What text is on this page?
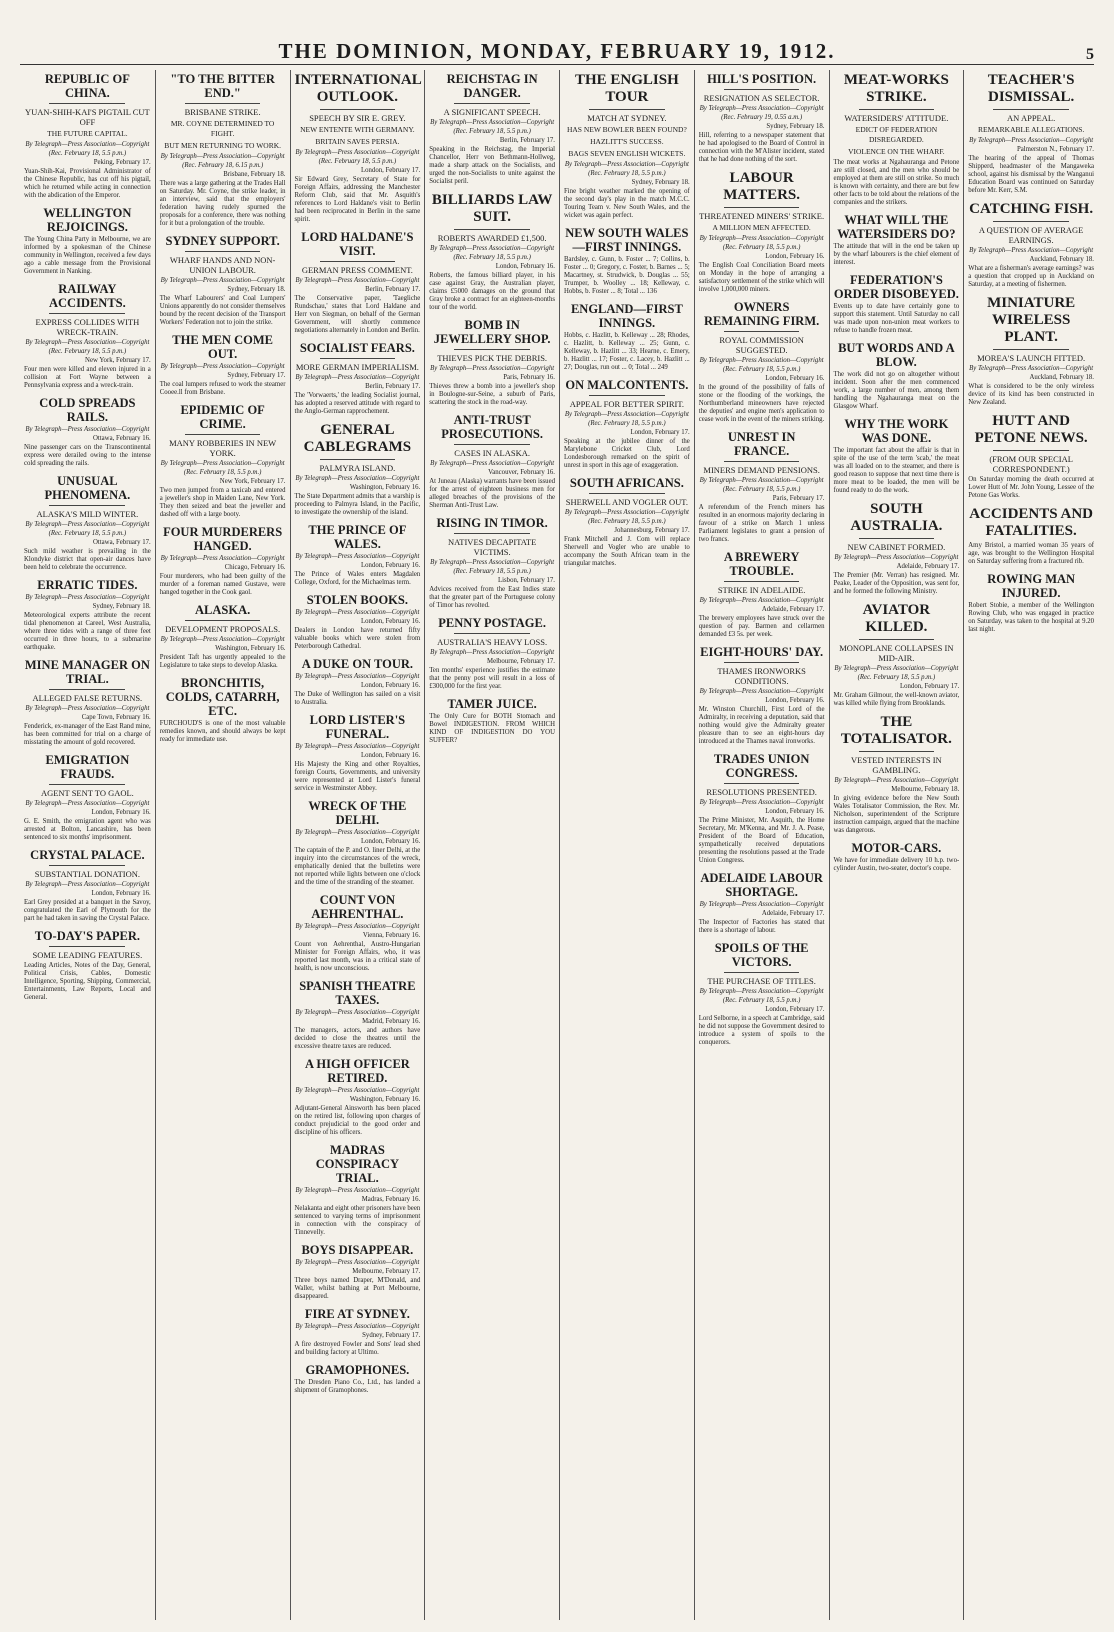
THE DOMINION, MONDAY, FEBRUARY 19, 1912.	5
REPUBLIC OF CHINA.
YUAN-SHIH-KAI'S PIGTAIL CUT OFF
THE FUTURE CAPITAL.
By Telegraph—Press Association—Copyright
(Rec. February 18, 5.5 p.m.)
Peking, February 17.
Yuan-Shih-Kai, Provisional Administrator of the Chinese Republic, has cut off his pigtail, which he returned while acting in connection with the abdication of the Emperor.
WELLINGTON REJOICINGS.
The Young China Party in Melbourne, we are informed by a spokesman of the Chinese community in Wellington, received a few days ago a cable message from the Provisional Government in Nanking.
RAILWAY ACCIDENTS.
EXPRESS COLLIDES WITH WRECK-TRAIN.
By Telegraph—Press Association—Copyright
(Rec. February 18, 5.5 p.m.)
New York, February 17.
Four men were killed and eleven injured in a collision at Fort Wayne between a Pennsylvania express and a wreck-train.
COLD SPREADS RAILS.
By Telegraph—Press Association—Copyright
Ottawa, February 16.
Nine passenger cars on the Transcontinental express were derailed owing to the intense cold spreading the rails.
UNUSUAL PHENOMENA.
ALASKA'S MILD WINTER.
By Telegraph—Press Association—Copyright
(Rec. February 18, 5.5 p.m.)
Ottawa, February 17.
Such mild weather is prevailing in the Klondyke district that open-air dances have been held to celebrate the occurrence.
ERRATIC TIDES.
By Telegraph—Press Association—Copyright
Sydney, February 18.
Meteorological experts attribute the recent tidal phenomenon at Careel, West Australia, where three tides with a range of three feet occurred in three hours, to a submarine earthquake.
MINE MANAGER ON TRIAL.
ALLEGED FALSE RETURNS.
By Telegraph—Press Association—Copyright
Cape Town, February 16.
Fenderick, ex-manager of the East Rand mine, has been committed for trial on a charge of misstating the amount of gold recovered.
EMIGRATION FRAUDS.
AGENT SENT TO GAOL.
By Telegraph—Press Association—Copyright
London, February 16.
G. E. Smith, the emigration agent who was arrested at Bolton, Lancashire, has been sentenced to six months' imprisonment.
CRYSTAL PALACE.
SUBSTANTIAL DONATION.
By Telegraph—Press Association—Copyright
London, February 16.
Earl Grey presided at a banquet in the Savoy, congratulated the Earl of Plymouth for the part he had taken in saving the Crystal Palace.
TO-DAY'S PAPER.
SOME LEADING FEATURES.
Leading Articles, Notes of the Day, General, Political Crisis, Cables, Domestic Intelligence, Sporting, Shipping, Commercial, Entertainments, Law Reports, Local and General.
"TO THE BITTER END."
BRISBANE STRIKE.
MR. COYNE DETERMINED TO FIGHT.
BUT MEN RETURNING TO WORK.
By Telegraph—Press Association—Copyright
(Rec. February 18, 6.15 p.m.)
Brisbane, February 18.
There was a large gathering at the Trades Hall on Saturday. Mr. Coyne, the strike leader, in an interview, said that the employers' federation having rudely spurned the proposals for a conference, there was nothing for it but a prolongation of the trouble.
SYDNEY SUPPORT.
WHARF HANDS AND NON-UNION LABOUR.
By Telegraph—Press Association—Copyright
Sydney, February 18.
The Wharf Labourers' and Coal Lumpers' Unions apparently do not consider themselves bound by the recent decision of the Transport Workers' Federation not to join the strike.
THE MEN COME OUT.
By Telegraph—Press Association—Copyright
Sydney, February 17.
The coal lumpers refused to work the steamer Cooee.ll from Brisbane.
EPIDEMIC OF CRIME.
MANY ROBBERIES IN NEW YORK.
By Telegraph—Press Association—Copyright
(Rec. February 18, 5.5 p.m.)
New York, February 17.
Two men jumped from a taxicab and entered a jeweller's shop in Maiden Lane, New York. They then seized and beat the jeweller and dashed off with a large booty.
FOUR MURDERERS HANGED.
By Telegraph—Press Association—Copyright
Chicago, February 16.
Four murderers, who had been guilty of the murder of a foreman named Gustave, were hanged together in the Cook gaol.
ALASKA.
DEVELOPMENT PROPOSALS.
By Telegraph—Press Association—Copyright
Washington, February 16.
President Taft has urgently appealed to the Legislature to take steps to develop Alaska.
BRONCHITIS, COLDS, CATARRH, ETC.
FURCHOUD'S is one of the most valuable remedies known, and should always be kept ready for immediate use.
INTERNATIONAL OUTLOOK.
SPEECH BY SIR E. GREY.
NEW ENTENTE WITH GERMANY.
BRITAIN SAVES PERSIA.
By Telegraph—Press Association—Copyright
(Rec. February 18, 5.5 p.m.)
London, February 17.
Sir Edward Grey, Secretary of State for Foreign Affairs, addressing the Manchester Reform Club, said that Mr. Asquith's references to Lord Haldane's visit to Berlin had been reciprocated in Berlin in the same spirit.
LORD HALDANE'S VISIT.
GERMAN PRESS COMMENT.
By Telegraph—Press Association—Copyright
Berlin, February 17.
The Conservative paper, 'Taegliche Rundschau,' states that Lord Haldane and Herr von Siegman, on behalf of the German Government, will shortly commence negotiations alternately in London and Berlin.
SOCIALIST FEARS.
MORE GERMAN IMPERIALISM.
By Telegraph—Press Association—Copyright
Berlin, February 17.
The 'Vorwaerts,' the leading Socialist journal, has adopted a reserved attitude with regard to the Anglo-German rapprochement.
GENERAL CABLEGRAMS
PALMYRA ISLAND.
By Telegraph—Press Association—Copyright
Washington, February 16.
The State Department admits that a warship is proceeding to Palmyra Island, in the Pacific, to investigate the ownership of the island.
THE PRINCE OF WALES.
By Telegraph—Press Association—Copyright
London, February 16.
The Prince of Wales enters Magdalen College, Oxford, for the Michaelmas term.
STOLEN BOOKS.
By Telegraph—Press Association—Copyright
London, February 16.
Dealers in London have returned fifty valuable books which were stolen from Peterborough Cathedral.
A DUKE ON TOUR.
By Telegraph—Press Association—Copyright
London, February 16.
The Duke of Wellington has sailed on a visit to Australia.
LORD LISTER'S FUNERAL.
By Telegraph—Press Association—Copyright
London, February 16.
His Majesty the King and other Royalties, foreign Courts, Governments, and university were represented at Lord Lister's funeral service in Westminster Abbey.
WRECK OF THE DELHI.
By Telegraph—Press Association—Copyright
London, February 16.
The captain of the P. and O. liner Delhi, at the inquiry into the circumstances of the wreck, emphatically denied that the bulletins were not reported while lights between one o'clock and the time of the stranding of the steamer.
COUNT VON AEHRENTHAL.
By Telegraph—Press Association—Copyright
Vienna, February 16.
Count von Aehrenthal, Austro-Hungarian Minister for Foreign Affairs, who, it was reported last month, was in a critical state of health, is now unconscious.
SPANISH THEATRE TAXES.
By Telegraph—Press Association—Copyright
Madrid, February 16.
The managers, actors, and authors have decided to close the theatres until the excessive theatre taxes are reduced.
A HIGH OFFICER RETIRED.
By Telegraph—Press Association—Copyright
Washington, February 16.
Adjutant-General Ainsworth has been placed on the retired list, following upon charges of conduct prejudicial to the good order and discipline of his officers.
MADRAS CONSPIRACY TRIAL.
By Telegraph—Press Association—Copyright
Madras, February 16.
Nelakanta and eight other prisoners have been sentenced to varying terms of imprisonment in connection with the conspiracy of Tinnevelly.
BOYS DISAPPEAR.
By Telegraph—Press Association—Copyright
Melbourne, February 17.
Three boys named Draper, M'Donald, and Waller, whilst bathing at Port Melbourne, disappeared.
FIRE AT SYDNEY.
By Telegraph—Press Association—Copyright
Sydney, February 17.
A fire destroyed Fowler and Sons' lead shed and building factory at Ultimo.
GRAMOPHONES.
The Dresden Piano Co., Ltd., has landed a shipment of Gramophones.
REICHSTAG IN DANGER.
A SIGNIFICANT SPEECH.
By Telegraph—Press Association—Copyright
(Rec. February 18, 5.5 p.m.)
Berlin, February 17.
Speaking in the Reichstag, the Imperial Chancellor, Herr von Bethmann-Hollweg, made a sharp attack on the Socialists, and urged the non-Socialists to unite against the Socialist peril.
BILLIARDS LAW SUIT.
ROBERTS AWARDED £1,500.
By Telegraph—Press Association—Copyright
(Rec. February 18, 5.5 p.m.)
London, February 16.
Roberts, the famous billiard player, in his case against Gray, the Australian player, claims £5000 damages on the ground that Gray broke a contract for an eighteen-months tour of the world.
BOMB IN JEWELLERY SHOP.
THIEVES PICK THE DEBRIS.
By Telegraph—Press Association—Copyright
Paris, February 16.
Thieves threw a bomb into a jeweller's shop in Boulogne-sur-Seine, a suburb of Paris, scattering the stock in the road-way.
ANTI-TRUST PROSECUTIONS.
CASES IN ALASKA.
By Telegraph—Press Association—Copyright
Vancouver, February 16.
At Juneau (Alaska) warrants have been issued for the arrest of eighteen business men for alleged breaches of the provisions of the Sherman Anti-Trust Law.
RISING IN TIMOR.
NATIVES DECAPITATE VICTIMS.
By Telegraph—Press Association—Copyright
(Rec. February 18, 5.5 p.m.)
Lisbon, February 17.
Advices received from the East Indies state that the greater part of the Portuguese colony of Timor has revolted.
PENNY POSTAGE.
AUSTRALIA'S HEAVY LOSS.
By Telegraph—Press Association—Copyright
Melbourne, February 17.
Ten months' experience justifies the estimate that the penny post will result in a loss of £300,000 for the first year.
TAMER JUICE.
The Only Cure for BOTH Stomach and Bowel INDIGESTION. FROM WHICH KIND OF INDIGESTION DO YOU SUFFER?
THE ENGLISH TOUR
MATCH AT SYDNEY.
HAS NEW BOWLER BEEN FOUND?
HAZLITT'S SUCCESS.
BAGS SEVEN ENGLISH WICKETS.
By Telegraph—Press Association—Copyright
(Rec. February 18, 5.5 p.m.)
Sydney, February 18.
Fine bright weather marked the opening of the second day's play in the match M.C.C. Touring Team v. New South Wales, and the wicket was again perfect.
NEW SOUTH WALES—FIRST INNINGS.
Bardsley, c. Gunn, b. Foster ... 7; Collins, b. Foster ... 0; Gregory, c. Foster, b. Barnes ... 5; Macartney, st. Strudwick, b. Douglas ... 55; Trumper, b. Woolley ... 18; Kelleway, c. Hobbs, b. Foster ... 8; Total ... 136
ENGLAND—FIRST INNINGS.
Hobbs, c. Hazlitt, b. Kelleway ... 28; Rhodes, c. Hazlitt, b. Kelleway ... 25; Gunn, c. Kelleway, b. Hazlitt ... 33; Hearne, c. Emery, b. Hazlitt ... 17; Foster, c. Lacey, b. Hazlitt ... 27; Douglas, run out ... 0; Total ... 249
ON MALCONTENTS.
APPEAL FOR BETTER SPIRIT.
By Telegraph—Press Association—Copyright
(Rec. February 18, 5.5 p.m.)
London, February 17.
Speaking at the jubilee dinner of the Marylebone Cricket Club, Lord Londesborough remarked on the spirit of unrest in sport in this age of exaggeration.
SOUTH AFRICANS.
SHERWELL AND VOGLER OUT.
By Telegraph—Press Association—Copyright
(Rec. February 18, 5.5 p.m.)
Johannesburg, February 17.
Frank Mitchell and J. Com will replace Sherwell and Vogler who are unable to accompany the South African team in the triangular matches.
HILL'S POSITION.
RESIGNATION AS SELECTOR.
By Telegraph—Press Association—Copyright
(Rec. February 19, 0.55 a.m.)
Sydney, February 18.
Hill, referring to a newspaper statement that he had apologised to the Board of Control in connection with the M'Alister incident, stated that he had done nothing of the sort.
LABOUR MATTERS.
THREATENED MINERS' STRIKE.
A MILLION MEN AFFECTED.
By Telegraph—Press Association—Copyright
(Rec. February 18, 5.5 p.m.)
London, February 16.
The English Coal Conciliation Board meets on Monday in the hope of arranging a satisfactory settlement of the strike which will involve 1,000,000 miners.
OWNERS REMAINING FIRM.
ROYAL COMMISSION SUGGESTED.
By Telegraph—Press Association—Copyright
(Rec. February 18, 5.5 p.m.)
London, February 16.
In the ground of the possibility of falls of stone or the flooding of the workings, the Northumberland mineowners have rejected the deputies' and engine men's application to cease work in the event of the miners striking.
UNREST IN FRANCE.
MINERS DEMAND PENSIONS.
By Telegraph—Press Association—Copyright
(Rec. February 18, 5.5 p.m.)
Paris, February 17.
A referendum of the French miners has resulted in an enormous majority declaring in favour of a strike on March 1 unless Parliament legislates to grant a pension of two francs.
A BREWERY TROUBLE.
STRIKE IN ADELAIDE.
By Telegraph—Press Association—Copyright
Adelaide, February 17.
The brewery employees have struck over the question of pay. Barmen and cellarmen demanded £3 5s. per week.
EIGHT-HOURS' DAY.
THAMES IRONWORKS CONDITIONS.
By Telegraph—Press Association—Copyright
London, February 16.
Mr. Winston Churchill, First Lord of the Admiralty, in receiving a deputation, said that nothing would give the Admiralty greater pleasure than to see an eight-hours day introduced at the Thames naval ironworks.
TRADES UNION CONGRESS.
RESOLUTIONS PRESENTED.
By Telegraph—Press Association—Copyright
London, February 16.
The Prime Minister, Mr. Asquith, the Home Secretary, Mr. M'Kenna, and Mr. J. A. Pease, President of the Board of Education, sympathetically received deputations presenting the resolutions passed at the Trade Union Congress.
ADELAIDE LABOUR SHORTAGE.
By Telegraph—Press Association—Copyright
Adelaide, February 17.
The Inspector of Factories has stated that there is a shortage of labour.
SPOILS OF THE VICTORS.
THE PURCHASE OF TITLES.
By Telegraph—Press Association—Copyright
(Rec. February 18, 5.5 p.m.)
London, February 17.
Lord Selborne, in a speech at Cambridge, said he did not suppose the Government desired to introduce a system of spoils to the conquerors.
MEAT-WORKS STRIKE.
WATERSIDERS' ATTITUDE.
EDICT OF FEDERATION DISREGARDED.
VIOLENCE ON THE WHARF.
The meat works at Ngahauranga and Petone are still closed, and the men who should be employed at them are still on strike. So much is known with certainty, and there are but few other facts to be told about the relations of the companies and the strikers.
WHAT WILL THE WATERSIDERS DO?
The attitude that will in the end be taken up by the wharf labourers is the chief element of interest.
FEDERATION'S ORDER DISOBEYED.
Events up to date have certainly gone to support this statement. Until Saturday no call was made upon non-union meat workers to refuse to handle frozen meat.
BUT WORDS AND A BLOW.
The work did not go on altogether without incident. Soon after the men commenced work, a large number of men, among them handling the Ngahauranga meat on the Glasgow Wharf.
WHY THE WORK WAS DONE.
The important fact about the affair is that in spite of the use of the term 'scab,' the meat was all loaded on to the steamer, and there is good reason to suppose that next time there is more meat to be loaded, the men will be found ready to do the work.
SOUTH AUSTRALIA.
NEW CABINET FORMED.
By Telegraph—Press Association—Copyright
Adelaide, February 17.
The Premier (Mr. Verran) has resigned. Mr. Peake, Leader of the Opposition, was sent for, and he formed the following Ministry.
AVIATOR KILLED.
MONOPLANE COLLAPSES IN MID-AIR.
By Telegraph—Press Association—Copyright
(Rec. February 18, 5.5 p.m.)
London, February 17.
Mr. Graham Gilmour, the well-known aviator, was killed while flying from Brooklands.
THE TOTALISATOR.
VESTED INTERESTS IN GAMBLING.
By Telegraph—Press Association—Copyright
Melbourne, February 18.
In giving evidence before the New South Wales Totalisator Commission, the Rev. Mr. Nicholson, superintendent of the Scripture instruction campaign, argued that the machine was dangerous.
MOTOR-CARS.
We have for immediate delivery 10 h.p. two-cylinder Austin, two-seater, doctor's coupe.
TEACHER'S DISMISSAL.
AN APPEAL.
REMARKABLE ALLEGATIONS.
By Telegraph—Press Association—Copyright
Palmerston N., February 17.
The hearing of the appeal of Thomas Shipperd, headmaster of the Mangaweka school, against his dismissal by the Wanganui Education Board was continued on Saturday before Mr. Kerr, S.M.
CATCHING FISH.
A QUESTION OF AVERAGE EARNINGS.
By Telegraph—Press Association—Copyright
Auckland, February 18.
What are a fisherman's average earnings? was a question that cropped up in Auckland on Saturday, at a meeting of fishermen.
MINIATURE WIRELESS PLANT.
MOREA'S LAUNCH FITTED.
By Telegraph—Press Association—Copyright
Auckland, February 18.
What is considered to be the only wireless device of its kind has been constructed in New Zealand.
HUTT AND PETONE NEWS.
(FROM OUR SPECIAL CORRESPONDENT.)
On Saturday morning the death occurred at Lower Hutt of Mr. John Young, Lessee of the Petone Gas Works.
ACCIDENTS AND FATALITIES.
Amy Bristol, a married woman 35 years of age, was brought to the Wellington Hospital on Saturday suffering from a fractured rib.
ROWING MAN INJURED.
Robert Stobie, a member of the Wellington Rowing Club, who was engaged in practice on Saturday, was taken to the hospital at 9.20 last night.
